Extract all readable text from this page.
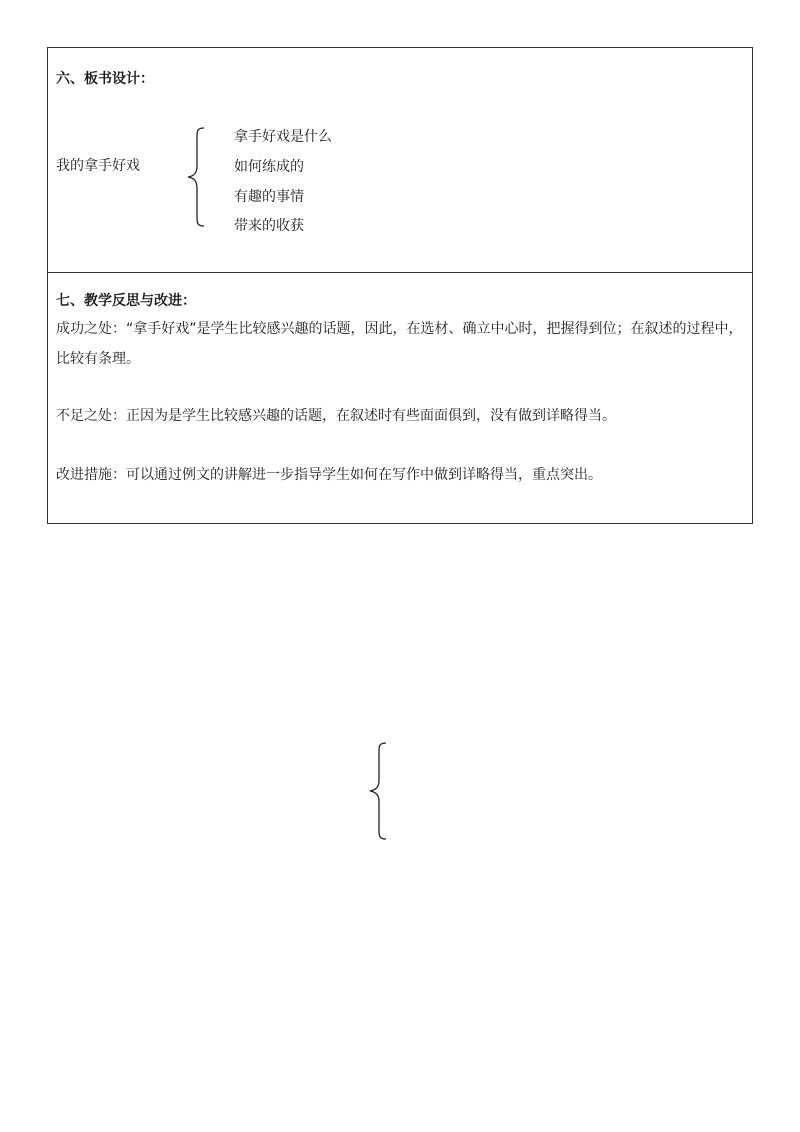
六、板书设计：
我的拿手好戏
拿手好戏是什么
如何练成的
有趣的事情
带来的收获
七、教学反思与改进：
成功之处：“拿手好戏”是学生比较感兴趣的话题，因此，在选材、确立中心时，把握得到位；在叙述的过程中，比较有条理。
不足之处：正因为是学生比较感兴趣的话题，在叙述时有些面面俱到，没有做到详略得当。
改进措施：可以通过例文的讲解进一步指导学生如何在写作中做到详略得当，重点突出。
